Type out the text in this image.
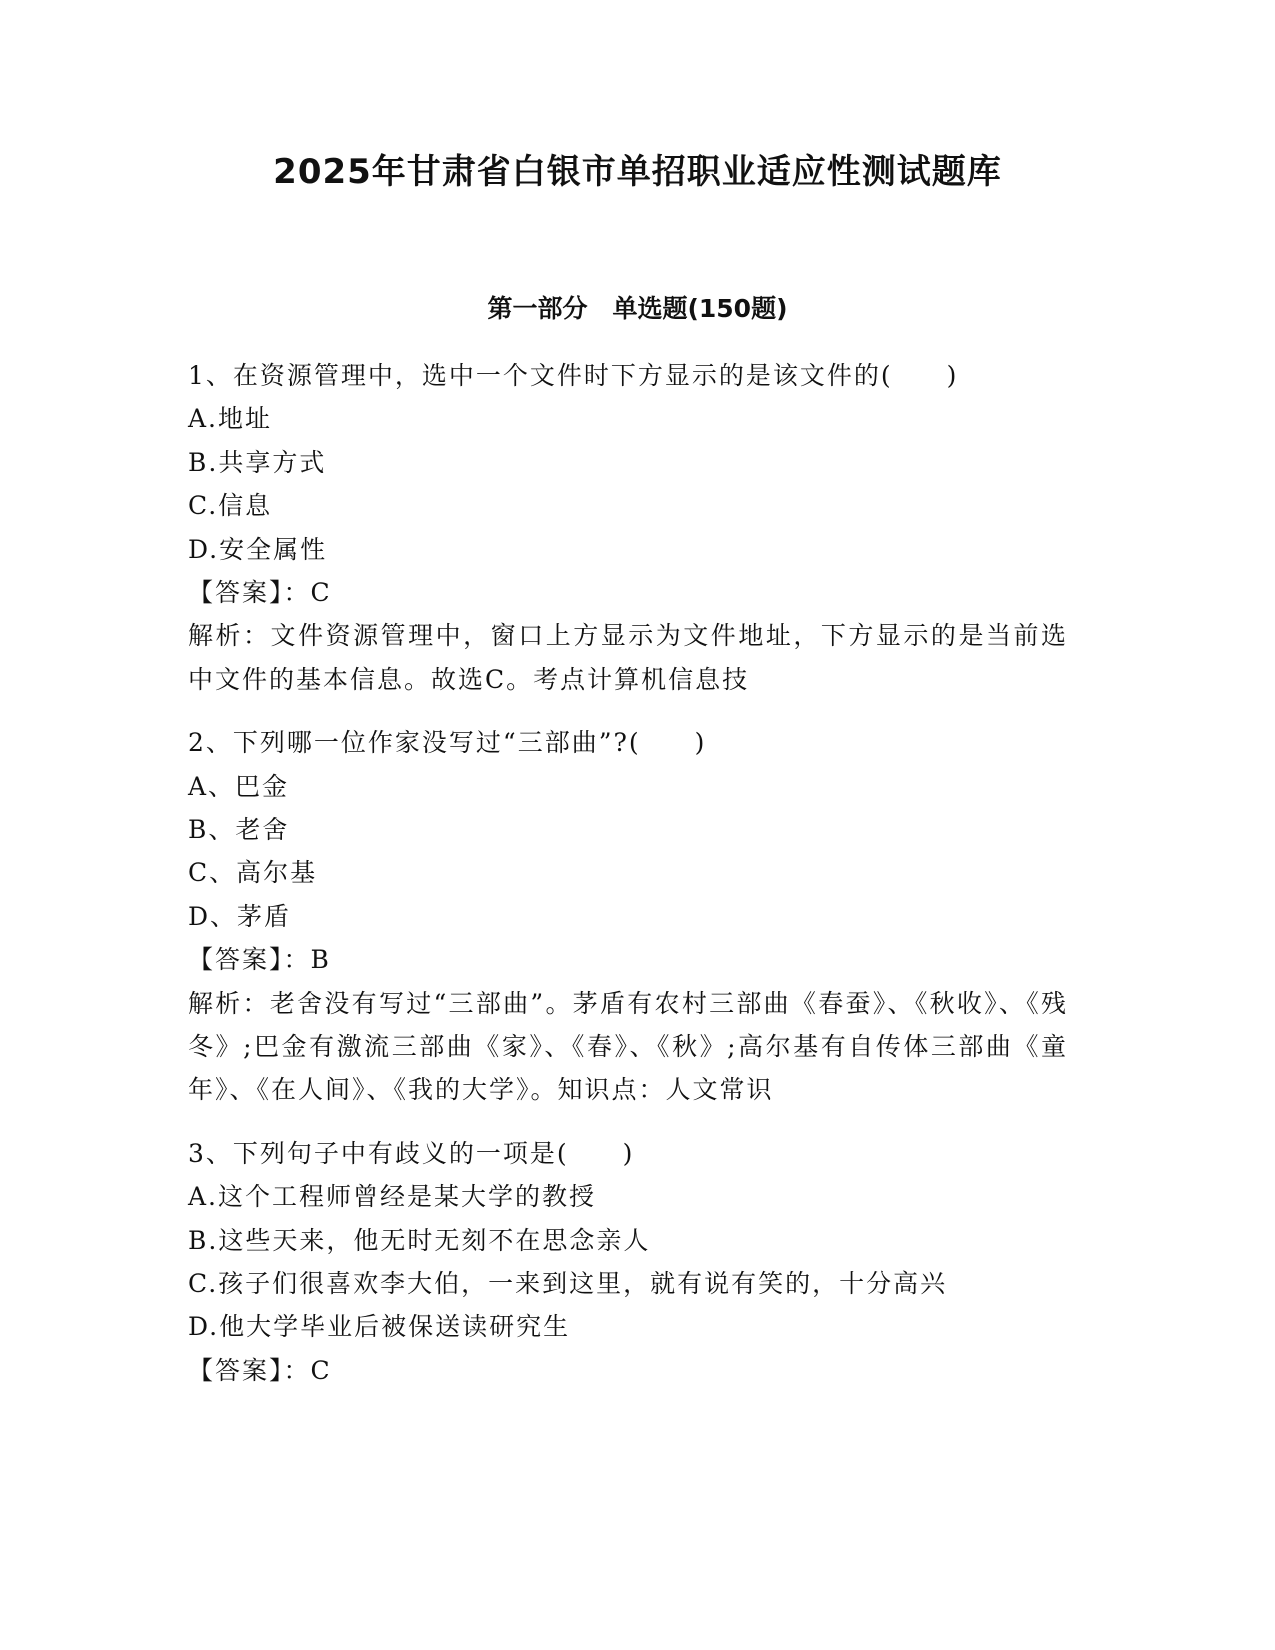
2025年甘肃省白银市单招职业适应性测试题库
第一部分　单选题(150题)
1、在资源管理中，选中一个文件时下方显示的是该文件的(　　)
A.地址
B.共享方式
C.信息
D.安全属性
【答案】：C
解析：文件资源管理中，窗口上方显示为文件地址，下方显示的是当前选中文件的基本信息。故选C。考点计算机信息技
2、下列哪一位作家没写过“三部曲”?(　　)
A、巴金
B、老舍
C、高尔基
D、茅盾
【答案】：B
解析：老舍没有写过“三部曲”。茅盾有农村三部曲《春蚕》、《秋收》、《残冬》;巴金有激流三部曲《家》、《春》、《秋》;高尔基有自传体三部曲《童年》、《在人间》、《我的大学》。知识点：人文常识
3、下列句子中有歧义的一项是(　　)
A.这个工程师曾经是某大学的教授
B.这些天来，他无时无刻不在思念亲人
C.孩子们很喜欢李大伯，一来到这里，就有说有笑的，十分高兴
D.他大学毕业后被保送读研究生
【答案】：C
